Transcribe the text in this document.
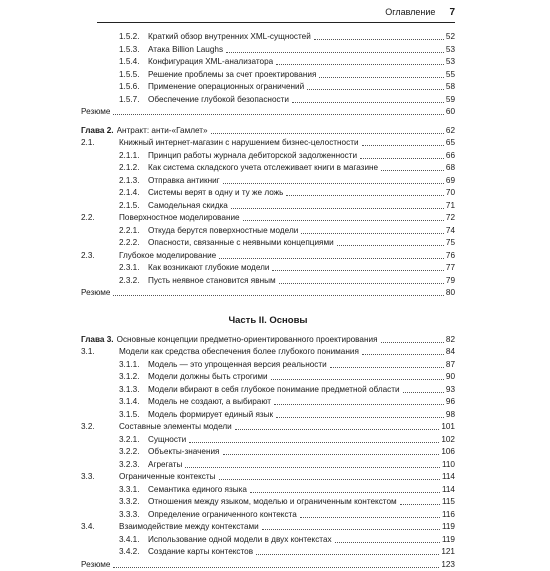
Оглавление 7
1.5.2.	Краткий обзор внутренних XML-сущностей	52
1.5.3.	Атака Billion Laughs	53
1.5.4.	Конфигурация XML-анализатора	53
1.5.5.	Решение проблемы за счет проектирования	55
1.5.6.	Применение операционных ограничений	58
1.5.7.	Обеспечение глубокой безопасности	59
Резюме	60
Глава 2. Антракт: анти-«Гамлет»	62
2.1.	Книжный интернет-магазин с нарушением бизнес-целостности	65
2.1.1.	Принцип работы журнала дебиторской задолженности	66
2.1.2.	Как система складского учета отслеживает книги в магазине	68
2.1.3.	Отправка антикниг	69
2.1.4.	Системы верят в одну и ту же ложь	70
2.1.5.	Самодельная скидка	71
2.2.	Поверхностное моделирование	72
2.2.1.	Откуда берутся поверхностные модели	74
2.2.2.	Опасности, связанные с неявными концепциями	75
2.3.	Глубокое моделирование	76
2.3.1.	Как возникают глубокие модели	77
2.3.2.	Пусть неявное становится явным	79
Резюме	80
Часть II. Основы
Глава 3. Основные концепции предметно-ориентированного проектирования	82
3.1.	Модели как средства обеспечения более глубокого понимания	84
3.1.1.	Модель — это упрощенная версия реальности	87
3.1.2.	Модели должны быть строгими	90
3.1.3.	Модели вбирают в себя глубокое понимание предметной области	93
3.1.4.	Модель не создают, а выбирают	96
3.1.5.	Модель формирует единый язык	98
3.2.	Составные элементы модели	101
3.2.1.	Сущности	102
3.2.2.	Объекты-значения	106
3.2.3.	Агрегаты	110
3.3.	Ограниченные контексты	114
3.3.1.	Семантика единого языка	114
3.3.2.	Отношения между языком, моделью и ограниченным контекстом	115
3.3.3.	Определение ограниченного контекста	116
3.4.	Взаимодействие между контекстами	119
3.4.1.	Использование одной модели в двух контекстах	119
3.4.2.	Создание карты контекстов	121
Резюме	123
